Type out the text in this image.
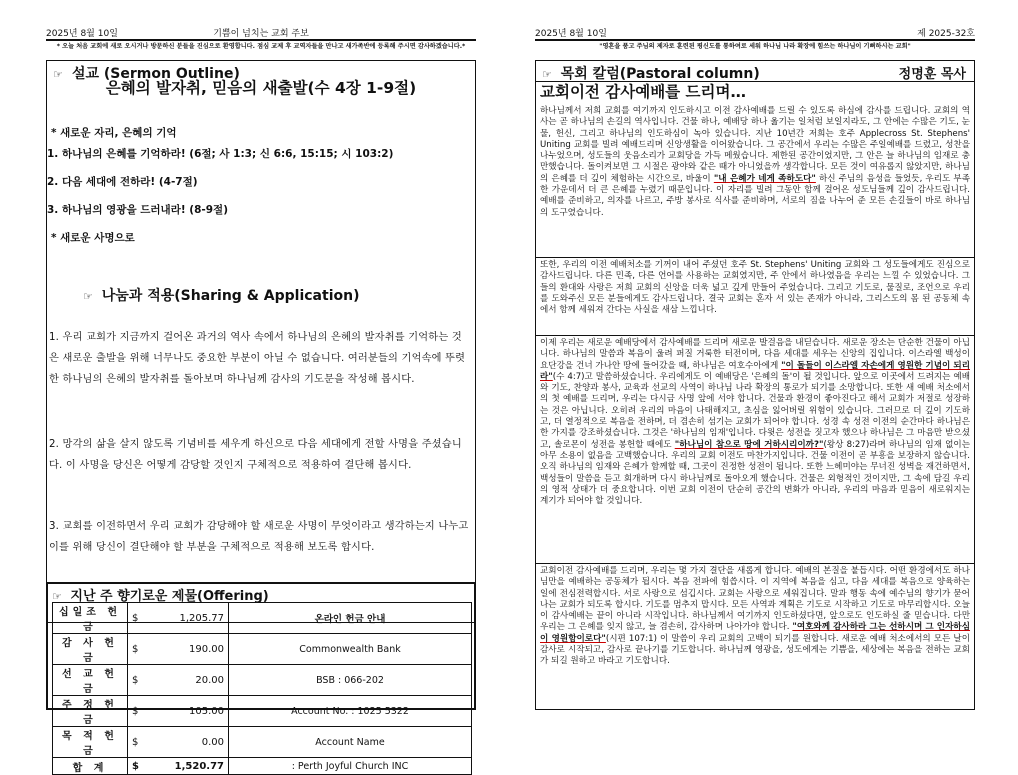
2025년 8월 10일	기쁨이 넘치는 교회 주보
* 오늘 처음 교회에 새로 오시거나 방문하신 분들을 진심으로 환영합니다. 점심 교제 후 교역자들을 만나고 새가족반에 등록해 주시면 감사하겠습니다.*
☞ 설교 (Sermon Outline)
은혜의 발자취, 믿음의 새출발(수 4장 1-9절)
* 새로운 자리, 은혜의 기억
1. 하나님의 은혜를 기억하라! (6절; 사 1:3; 신 6:6, 15:15; 시 103:2)
2. 다음 세대에 전하라! (4-7절)
3. 하나님의 영광을 드러내라! (8-9절)
* 새로운 사명으로
☞ 나눔과 적용(Sharing & Application)
1. 우리 교회가 지금까지 걸어온 과거의 역사 속에서 하나님의 은혜의 발자취를 기억하는 것은 새로운 출발을 위해 너무나도 중요한 부분이 아닐 수 없습니다. 여러분들의 기억속에 뚜렷한 하나님의 은혜의 발자취를 돌아보며 하나님께 감사의 기도문을 작성해 봅시다.
2. 망각의 삶을 살지 않도록 기념비를 세우게 하신으로 다음 세대에게 전할 사명을 주셨습니다. 이 사명을 당신은 어떻게 감당할 것인지 구체적으로 적용하여 결단해 봅시다.
3. 교회를 이전하면서 우리 교회가 감당해야 할 새로운 사명이 무엇이라고 생각하는지 나누고 이를 위해 당신이 결단해야 할 부분을 구체적으로 적용해 보도록 합시다.
☞ 지난 주 향기로운 제물(Offering)
십일조 헌금	$	1,205.77	온라인 헌금 안내
감 사 헌 금	$	190.00	Commonwealth Bank
선 교 헌 금	$	20.00	BSB : 066-202
주 정 헌 금	$	105.00	Account No. : 1025 5322
목 적 헌 금	$	0.00	Account Name
합 계	$	1,520.77	: Perth Joyful Church INC
2025년 8월 10일	제 2025-32호
"영혼을 품고 주님의 제자로 훈련된 평신도를 통하여로 세워 하나님 나라 확장에 힘쓰는 하나님이 기뻐하시는 교회"
☞ 목회 칼럼(Pastoral column)	정명훈 목사
교회이전 감사예배를 드리며…
하나님께서 저희 교회를 여기까지 인도하시고 이전 감사예배를 드릴 수 있도록 하심에 감사를 드립니다. 교회의 역사는 곧 하나님의 손길의 역사입니다. 건물 하나, 예배당 하나 옮기는 일처럼 보일지라도, 그 안에는 수많은 기도, 눈물, 헌신, 그리고 하나님의 인도하심이 녹아 있습니다. 지난 10년간 저희는 호주 Applecross St. Stephens' Uniting 교회를 빌려 예배드리며 신앙생활을 이어왔습니다. 그 공간에서 우리는 수많은 주일예배를 드렸고, 성찬을 나누었으며, 성도들의 웃음소리가 교회당을 가득 메웠습니다. 제한된 공간이었지만, 그 안은 늘 하나님의 임재로 충만했습니다. 돌이켜보면 그 시절은 광야와 같은 때가 아니었을까 생각합니다. 모든 것이 여유롭지 않았지만, 하나님의 은혜를 더 깊이 체험하는 시간으로, 바울이 "내 은혜가 네게 족하도다" 하신 주님의 음성을 들었듯, 우리도 부족한 가운데서 더 큰 은혜를 누렸기 때문입니다. 이 자리를 빌려 그동안 함께 걸어온 성도님들께 깊이 감사드립니다. 예배를 준비하고, 의자를 나르고, 주방 봉사로 식사를 준비하며, 서로의 짐을 나누어 준 모든 손길들이 바로 하나님의 도구였습니다.
또한, 우리의 이전 예배처소를 기꺼이 내어 주셨던 호주 St. Stephens' Uniting 교회와 그 성도들에게도 진심으로 감사드립니다. 다른 민족, 다른 언어를 사용하는 교회였지만, 주 안에서 하나였음을 우리는 느낄 수 있었습니다. 그들의 환대와 사랑은 저희 교회의 신앙을 더욱 넓고 깊게 만들어 주었습니다. 그리고 기도로, 물질로, 조언으로 우리를 도와주신 모든 분들에게도 감사드립니다. 결국 교회는 혼자 서 있는 존재가 아니라, 그리스도의 몸 된 공동체 속에서 함께 세워져 간다는 사실을 새삼 느낍니다.
이제 우리는 새로운 예배당에서 감사예배를 드리며 새로운 발걸음을 내딛습니다. 새로운 장소는 단순한 건물이 아닙니다. 하나님의 말씀과 복음이 울려 퍼질 거룩한 터전이며, 다음 세대를 세우는 신앙의 집입니다. 이스라엘 백성이 요단강을 건너 가나안 땅에 들어갔을 때, 하나님은 여호수아에게 "이 돌들이 이스라엘 자손에게 영원한 기념이 되리라"(수 4:7)고 말씀하셨습니다. 우리에게도 이 예배당은 '은혜의 돌'이 될 것입니다. 앞으로 이곳에서 드려지는 예배와 기도, 찬양과 봉사, 교육과 선교의 사역이 하나님 나라 확장의 통로가 되기를 소망합니다. 또한 새 예배 처소에서의 첫 예배를 드리며, 우리는 다시금 사명 앞에 서야 합니다. 건물과 환경이 좋아진다고 해서 교회가 저절로 성장하는 것은 아닙니다. 오히려 우리의 마음이 나태해지고, 초심을 잃어버릴 위험이 있습니다. 그러므로 더 깊이 기도하고, 더 열정적으로 복음을 전하며, 더 겸손히 섬기는 교회가 되어야 합니다. 성경 속 성전 이전의 순간마다 하나님은 한 가지를 강조하셨습니다. 그것은 '하나님의 임재'입니다. 다윗은 성전을 짓고자 했으나 하나님은 그 마음만 받으셨고, 솔로몬이 성전을 봉헌할 때에도 "하나님이 참으로 땅에 거하시리이까?"(왕상 8:27)라며 하나님의 임재 없이는 아무 소용이 없음을 고백했습니다. 우리의 교회 이전도 마찬가지입니다. 건물 이전이 곧 부흥을 보장하지 않습니다. 오직 하나님의 임재와 은혜가 함께할 때, 그곳이 진정한 성전이 됩니다. 또한 느헤미야는 무너진 성벽을 재건하면서, 백성들이 말씀을 듣고 회개하며 다시 하나님께로 돌아오게 했습니다. 건물은 외형적인 것이지만, 그 속에 담길 우리의 영적 상태가 더 중요합니다. 이번 교회 이전이 단순히 공간의 변화가 아니라, 우리의 마음과 믿음이 새로워지는 계기가 되어야 할 것입니다.
교회이전 감사예배를 드리며, 우리는 몇 가지 결단을 새롭게 합니다. 예배의 본질을 붙듭시다. 어떤 환경에서도 하나님만을 예배하는 공동체가 됩시다. 복음 전파에 힘씁시다. 이 지역에 복음을 심고, 다음 세대를 복음으로 양육하는 일에 전심전력합시다. 서로 사랑으로 섬깁시다. 교회는 사랑으로 세워집니다. 말과 행동 속에 예수님의 향기가 묻어나는 교회가 되도록 합시다. 기도를 멈추지 맙시다. 모든 사역과 계획은 기도로 시작하고 기도로 마무리합시다. 오늘 이 감사예배는 끝이 아니라 시작입니다. 하나님께서 여기까지 인도하셨다면, 앞으로도 인도하실 줄 믿습니다. 다만 우리는 그 은혜를 잊지 않고, 늘 겸손히, 감사하며 나아가야 합니다. "여호와께 감사하라 그는 선하시며 그 인자하심이 영원함이로다"(시편 107:1) 이 말씀이 우리 교회의 고백이 되기를 원합니다. 새로운 예배 처소에서의 모든 날이 감사로 시작되고, 감사로 끝나기를 기도합니다. 하나님께 영광을, 성도에게는 기쁨을, 세상에는 복음을 전하는 교회가 되길 원하고 바라고 기도합니다.
